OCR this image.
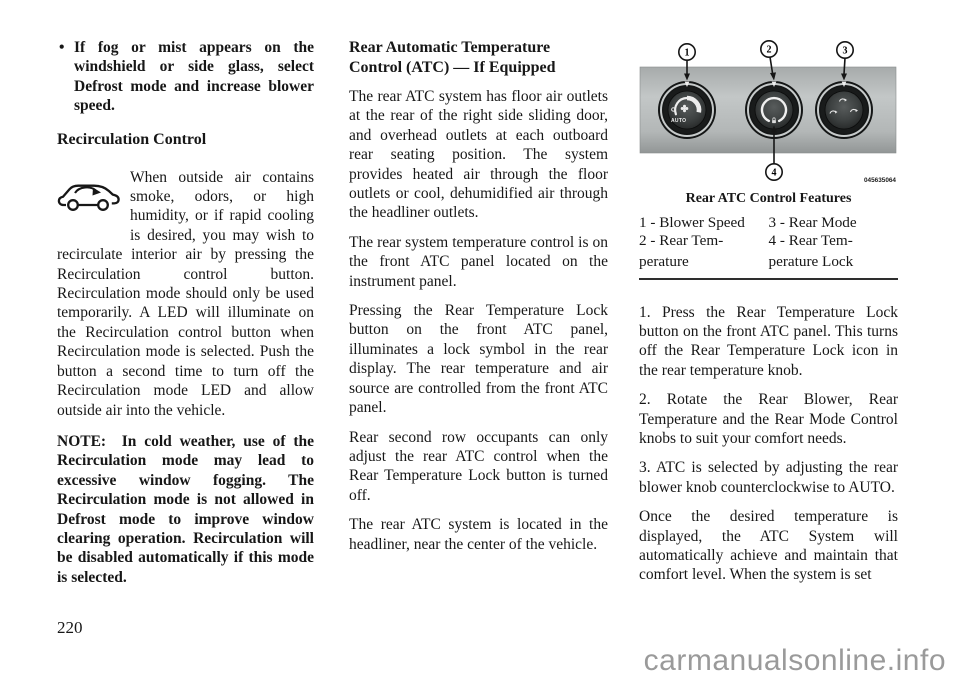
• If fog or mist appears on the windshield or side glass, select Defrost mode and increase blower speed.
Recirculation Control
When outside air contains smoke, odors, or high humidity, or if rapid cooling is desired, you may wish to recirculate interior air by pressing the Recirculation control button. Recirculation mode should only be used temporarily. A LED will illuminate on the Recirculation control button when Recirculation mode is selected. Push the button a second time to turn off the Recirculation mode LED and allow outside air into the vehicle.
NOTE: In cold weather, use of the Recirculation mode may lead to excessive window fogging. The Recirculation mode is not allowed in Defrost mode to improve window clearing operation. Recirculation will be disabled automatically if this mode is selected.
Rear Automatic Temperature
Control (ATC) — If Equipped

The rear ATC system has floor air outlets at the rear of the right side sliding door, and overhead outlets at each outboard rear seating position. The system provides heated air through the floor outlets or cool, dehumidified air through the headliner outlets.

The rear system temperature control is on the front ATC panel located on the instrument panel.

Pressing the Rear Temperature Lock button on the front ATC panel, illuminates a lock symbol in the rear display. The rear temperature and air source are controlled from the front ATC panel.

Rear second row occupants can only adjust the rear ATC control when the Rear Temperature Lock button is turned off.

The rear ATC system is located in the headliner, near the center of the vehicle.

AUTO
1	2	3
4
045635064
Rear ATC Control Features
1 - Blower Speed
2 - Rear Tem-
perature
3 - Rear Mode
4 - Rear Tem-
perature Lock

1. Press the Rear Temperature Lock button on the front ATC panel. This turns off the Rear Temperature Lock icon in the rear temperature knob.

2. Rotate the Rear Blower, Rear Temperature and the Rear Mode Control knobs to suit your comfort needs.

3. ATC is selected by adjusting the rear blower knob counterclockwise to AUTO.

Once the desired temperature is displayed, the ATC System will automatically achieve and maintain that comfort level. When the system is set

220
carmanualsonline.info
